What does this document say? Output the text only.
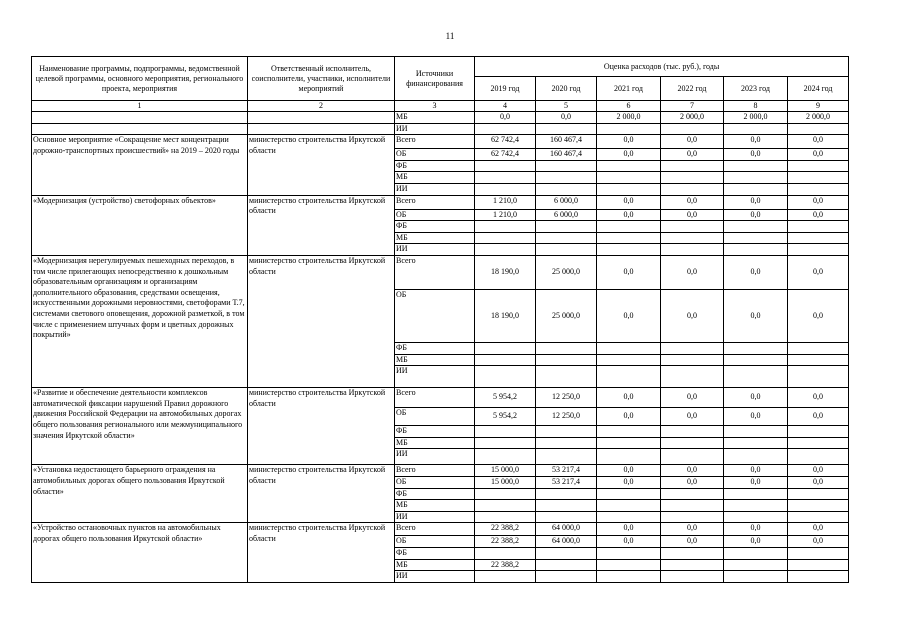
11
Наименование программы, подпрограммы, ведомственной целевой программы, основного мероприятия, регионального проекта, мероприятия	Ответственный исполнитель, соисполнители, участники, исполнители мероприятий	Источники финансирования	Оценка расходов (тыс. руб.), годы					
			2019 год	2020 год	2021 год	2022 год	2023 год	2024 год
1	2	3	4	5	6	7	8	9
		МБ	0,0	0,0	2 000,0	2 000,0	2 000,0	2 000,0
		ИИ						
Основное мероприятие «Сокращение мест концентрации дорожно-транспортных происшествий» на 2019 – 2020 годы	министерство строительства Иркутской области	Всего	62 742,4	160 467,4	0,0	0,0	0,0	0,0
		ОБ	62 742,4	160 467,4	0,0	0,0	0,0	0,0
		ФБ						
		МБ						
		ИИ						
«Модернизация (устройство) светофорных объектов»	министерство строительства Иркутской области	Всего	1 210,0	6 000,0	0,0	0,0	0,0	0,0
		ОБ	1 210,0	6 000,0	0,0	0,0	0,0	0,0
		ФБ						
		МБ						
		ИИ						
«Модернизация нерегулируемых пешеходных переходов, в том числе прилегающих непосредственно к дошкольным образовательным организациям и организациям дополнительного образования, средствами освещения, искусственными дорожными неровностями, светофорами Т.7, системами светового оповещения, дорожной разметкой, в том числе с применением штучных форм и цветных дорожных покрытий»	министерство строительства Иркутской области	Всего	18 190,0	25 000,0	0,0	0,0	0,0	0,0
		ОБ	18 190,0	25 000,0	0,0	0,0	0,0	0,0
		ФБ						
		МБ						
		ИИ						
«Развитие и обеспечение деятельности комплексов автоматической фиксации нарушений Правил дорожного движения Российской Федерации на автомобильных дорогах общего пользования регионального или межмуниципального значения Иркутской области»	министерство строительства Иркутской области	Всего	5 954,2	12 250,0	0,0	0,0	0,0	0,0
		ОБ	5 954,2	12 250,0	0,0	0,0	0,0	0,0
		ФБ						
		МБ						
		ИИ						
«Установка недостающего барьерного ограждения на автомобильных дорогах общего пользования Иркутской области»	министерство строительства Иркутской области	Всего	15 000,0	53 217,4	0,0	0,0	0,0	0,0
		ОБ	15 000,0	53 217,4	0,0	0,0	0,0	0,0
		ФБ						
		МБ						
		ИИ						
«Устройство остановочных пунктов на автомобильных дорогах общего пользования Иркутской области»	министерство строительства Иркутской области	Всего	22 388,2	64 000,0	0,0	0,0	0,0	0,0
		ОБ	22 388,2	64 000,0	0,0	0,0	0,0	0,0
		ФБ						
		МБ	22 388,2					
		ИИ						
